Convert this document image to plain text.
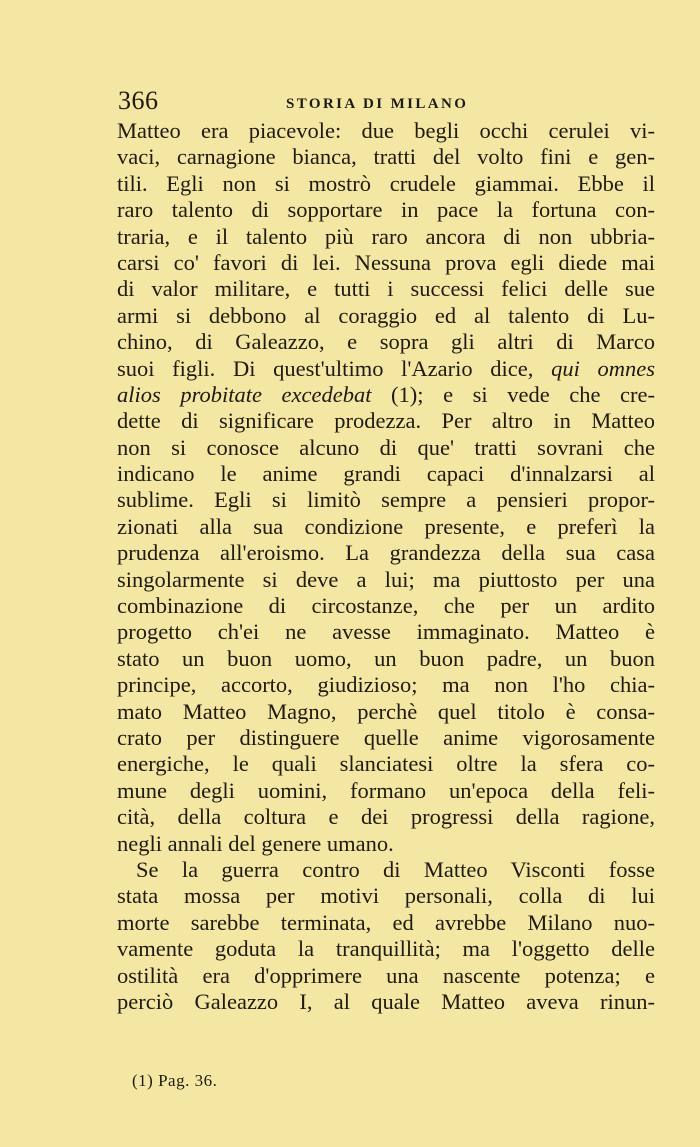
366	STORIA DI MILANO
Matteo era piacevole: due begli occhi cerulei vi-
vaci, carnagione bianca, tratti del volto fini e gen-
tili. Egli non si mostrò crudele giammai. Ebbe il
raro talento di sopportare in pace la fortuna con-
traria, e il talento più raro ancora di non ubbria-
carsi co' favori di lei. Nessuna prova egli diede mai
di valor militare, e tutti i successi felici delle sue
armi si debbono al coraggio ed al talento di Lu-
chino, di Galeazzo, e sopra gli altri di Marco
suoi figli. Di quest'ultimo l'Azario dice, qui omnes
alios probitate excedebat (1); e si vede che cre-
dette di significare prodezza. Per altro in Matteo
non si conosce alcuno di que' tratti sovrani che
indicano le anime grandi capaci d'innalzarsi al
sublime. Egli si limitò sempre a pensieri propor-
zionati alla sua condizione presente, e preferì la
prudenza all'eroismo. La grandezza della sua casa
singolarmente si deve a lui; ma piuttosto per una
combinazione di circostanze, che per un ardito
progetto ch'ei ne avesse immaginato. Matteo è
stato un buon uomo, un buon padre, un buon
principe, accorto, giudizioso; ma non l'ho chia-
mato Matteo Magno, perchè quel titolo è consa-
crato per distinguere quelle anime vigorosamente
energiche, le quali slanciatesi oltre la sfera co-
mune degli uomini, formano un'epoca della feli-
cità, della coltura e dei progressi della ragione,
negli annali del genere umano.
Se la guerra contro di Matteo Visconti fosse
stata mossa per motivi personali, colla di lui
morte sarebbe terminata, ed avrebbe Milano nuo-
vamente goduta la tranquillità; ma l'oggetto delle
ostilità era d'opprimere una nascente potenza; e
perciò Galeazzo I, al quale Matteo aveva rinun-
(1) Pag. 36.
